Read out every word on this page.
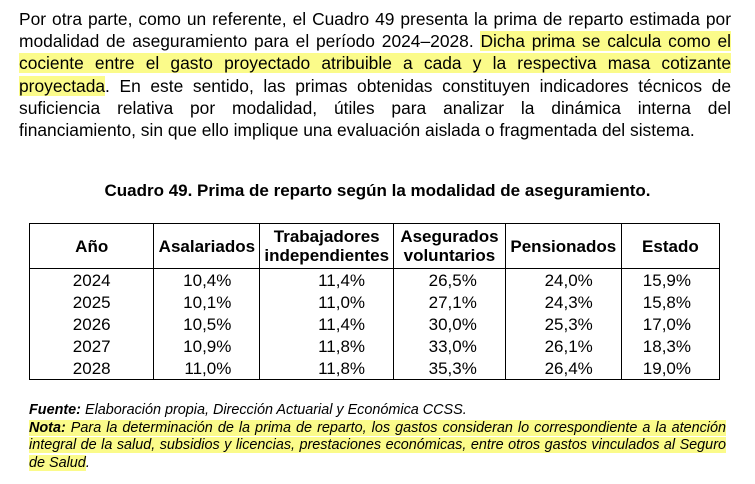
Por otra parte, como un referente, el Cuadro 49 presenta la prima de reparto estimada por modalidad de aseguramiento para el período 2024–2028. Dicha prima se calcula como el cociente entre el gasto proyectado atribuible a cada y la respectiva masa cotizante proyectada. En este sentido, las primas obtenidas constituyen indicadores técnicos de suficiencia relativa por modalidad, útiles para analizar la dinámica interna del financiamiento, sin que ello implique una evaluación aislada o fragmentada del sistema.

Cuadro 49. Prima de reparto según la modalidad de aseguramiento.

Año	Asalariados	Trabajadores independientes	Asegurados voluntarios	Pensionados	Estado
2024	10,4%	11,4%	26,5%	24,0%	15,9%
2025	10,1%	11,0%	27,1%	24,3%	15,8%
2026	10,5%	11,4%	30,0%	25,3%	17,0%
2027	10,9%	11,8%	33,0%	26,1%	18,3%
2028	11,0%	11,8%	35,3%	26,4%	19,0%
Fuente: Elaboración propia, Dirección Actuarial y Económica CCSS.
Nota: Para la determinación de la prima de reparto, los gastos consideran lo correspondiente a la atención integral de la salud, subsidios y licencias, prestaciones económicas, entre otros gastos vinculados al Seguro de Salud.
